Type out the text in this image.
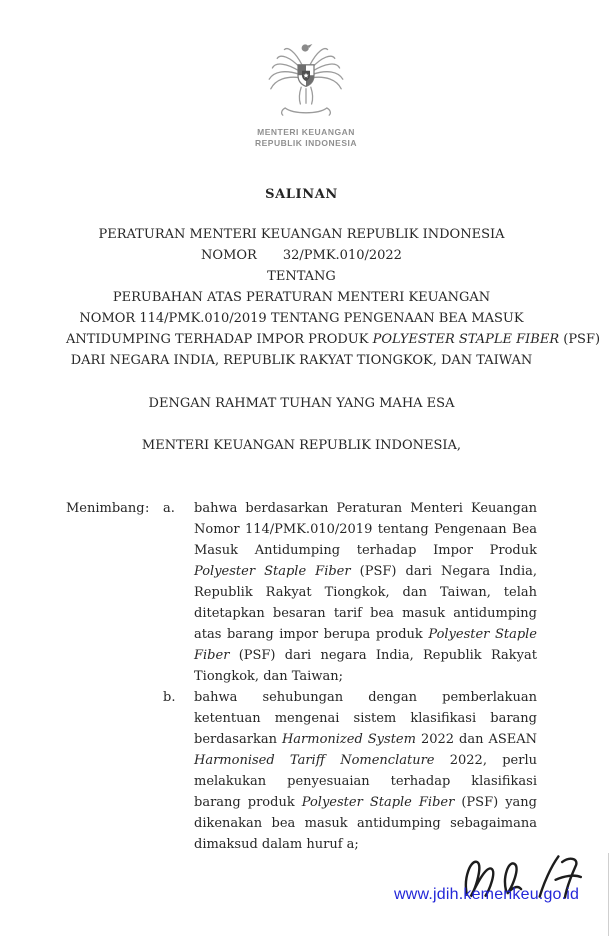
MENTERI KEUANGAN
REPUBLIK INDONESIA
SALINAN
PERATURAN MENTERI KEUANGAN REPUBLIK INDONESIA
NOMOR 32/PMK.010/2022
TENTANG
PERUBAHAN ATAS PERATURAN MENTERI KEUANGAN
NOMOR 114/PMK.010/2019 TENTANG PENGENAAN BEA MASUK
ANTIDUMPING TERHADAP IMPOR PRODUK POLYESTER STAPLE FIBER (PSF)
DARI NEGARA INDIA, REPUBLIK RAKYAT TIONGKOK, DAN TAIWAN
DENGAN RAHMAT TUHAN YANG MAHA ESA
MENTERI KEUANGAN REPUBLIK INDONESIA,
Menimbang :	a.	bahwa berdasarkan Peraturan Menteri Keuangan Nomor 114/PMK.010/2019 tentang Pengenaan Bea Masuk Antidumping terhadap Impor Produk Polyester Staple Fiber (PSF) dari Negara India, Republik Rakyat Tiongkok, dan Taiwan, telah ditetapkan besaran tarif bea masuk antidumping atas barang impor berupa produk Polyester Staple Fiber (PSF) dari negara India, Republik Rakyat Tiongkok, dan Taiwan;
b.	bahwa sehubungan dengan pemberlakuan ketentuan mengenai sistem klasifikasi barang berdasarkan Harmonized System 2022 dan ASEAN Harmonised Tariff Nomenclature 2022, perlu melakukan penyesuaian terhadap klasifikasi barang produk Polyester Staple Fiber (PSF) yang dikenakan bea masuk antidumping sebagaimana dimaksud dalam huruf a;
www.jdih.kemenkeu.go.id
